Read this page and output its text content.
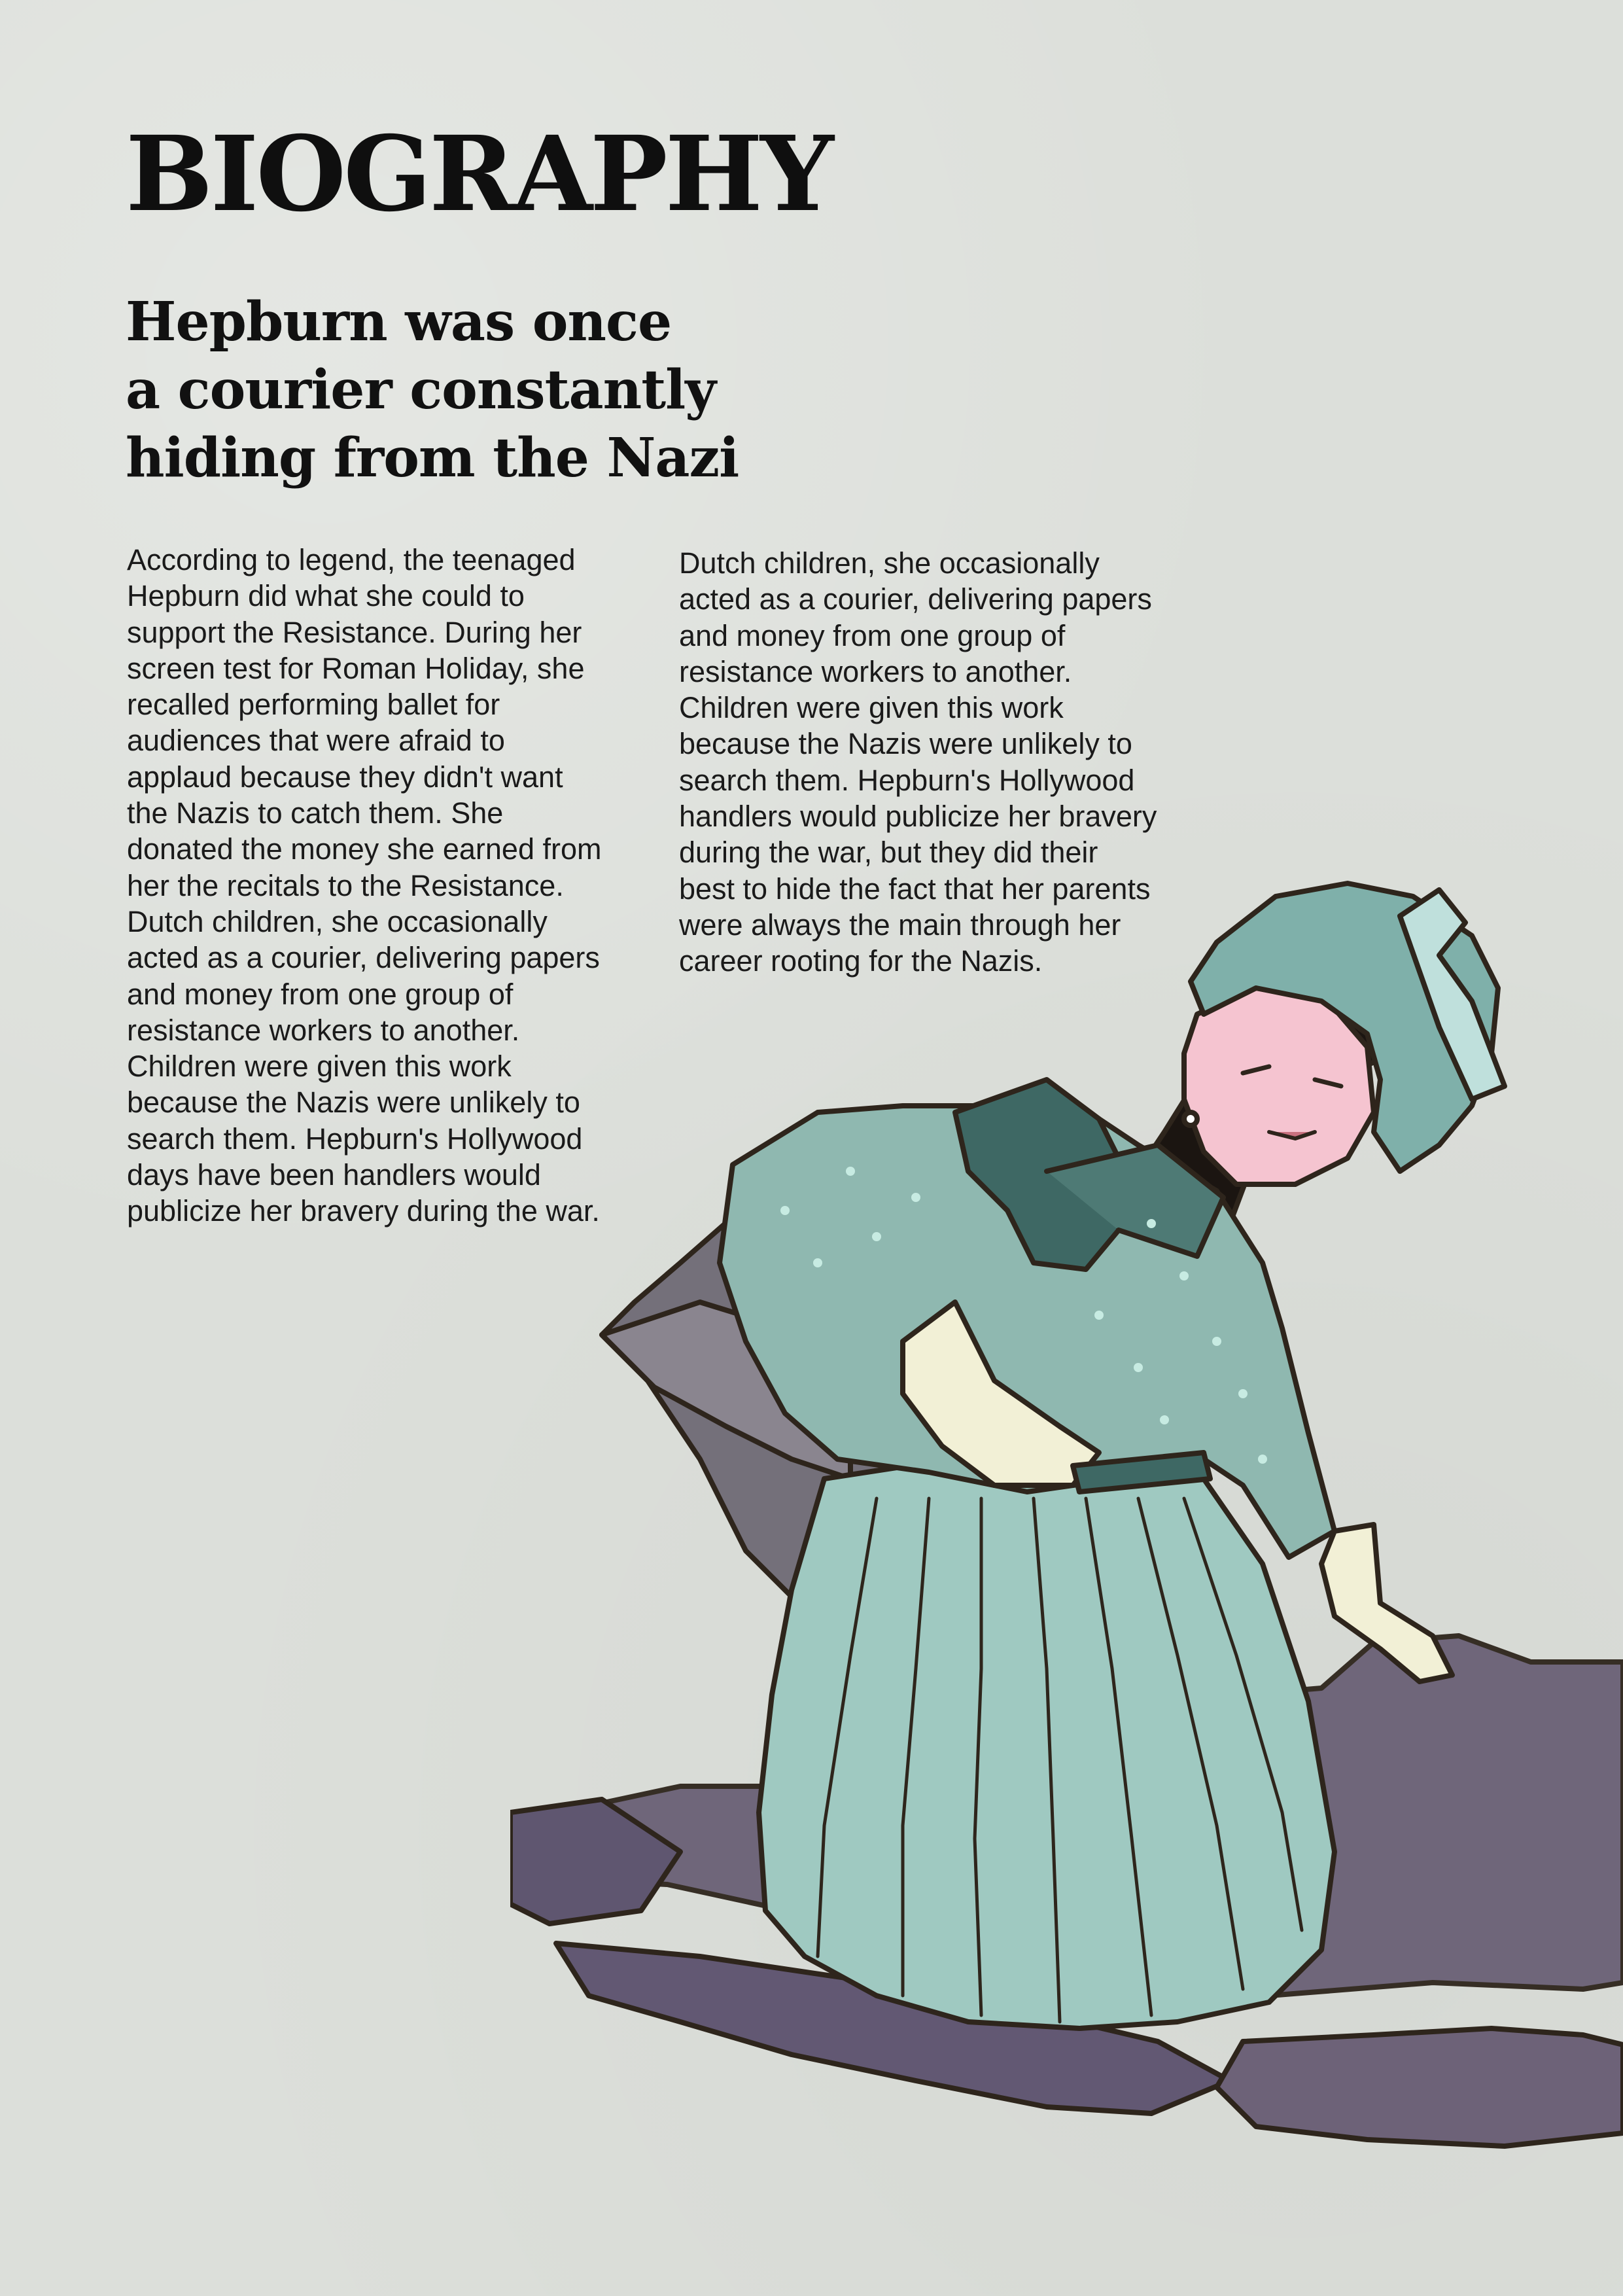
BIOGRAPHY
Hepburn was once
a courier constantly
hiding from the Nazi
According to legend, the teenaged
Hepburn did what she could to
support the Resistance. During her
screen test for Roman Holiday, she
recalled performing ballet for
audiences that were afraid to
applaud because they didn't want
the Nazis to catch them. She
donated the money she earned from
her the recitals to the Resistance.
Dutch children, she occasionally
acted as a courier, delivering papers
and money from one group of
resistance workers to another.
Children were given this work
because the Nazis were unlikely to
search them. Hepburn's Hollywood
days have been handlers would
publicize her bravery during the war.
Dutch children, she occasionally
acted as a courier, delivering papers
and money from one group of
resistance workers to another.
Children were given this work
because the Nazis were unlikely to
search them. Hepburn's Hollywood
handlers would publicize her bravery
during the war, but they did their
best to hide the fact that her parents
were always the main through her
career rooting for the Nazis.
